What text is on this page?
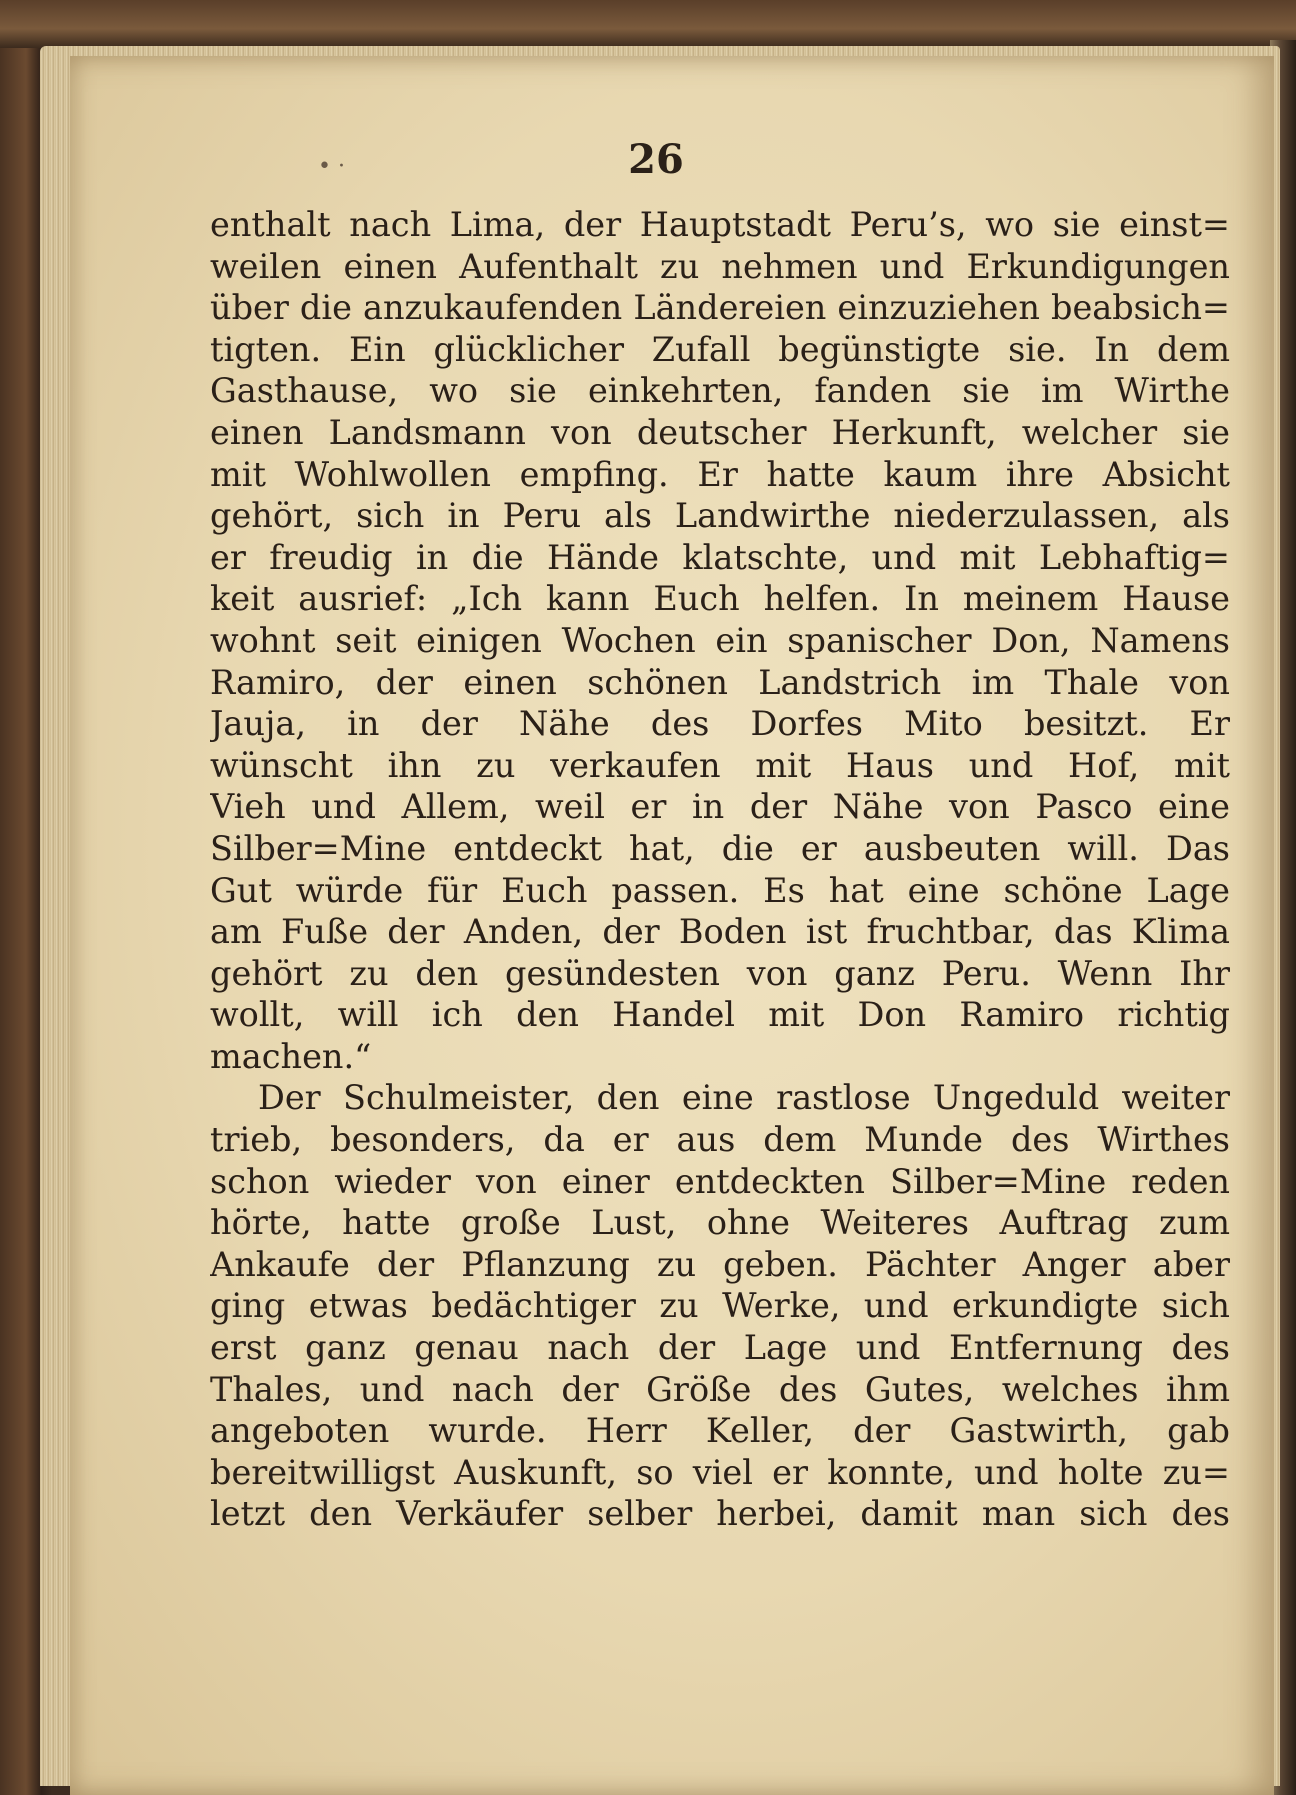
• ·	26
enthalt nach Lima, der Hauptstadt Peru’s, wo sie einst=
weilen einen Aufenthalt zu nehmen und Erkundigungen
über die anzukaufenden Ländereien einzuziehen beabsich=
tigten. Ein glücklicher Zufall begünstigte sie. In dem
Gasthause, wo sie einkehrten, fanden sie im Wirthe
einen Landsmann von deutscher Herkunft, welcher sie
mit Wohlwollen empfing. Er hatte kaum ihre Absicht
gehört, sich in Peru als Landwirthe niederzulassen, als
er freudig in die Hände klatschte, und mit Lebhaftig=
keit ausrief: „Ich kann Euch helfen. In meinem Hause
wohnt seit einigen Wochen ein spanischer Don, Namens
Ramiro, der einen schönen Landstrich im Thale von
Jauja, in der Nähe des Dorfes Mito besitzt. Er
wünscht ihn zu verkaufen mit Haus und Hof, mit
Vieh und Allem, weil er in der Nähe von Pasco eine
Silber=Mine entdeckt hat, die er ausbeuten will. Das
Gut würde für Euch passen. Es hat eine schöne Lage
am Fuße der Anden, der Boden ist fruchtbar, das Klima
gehört zu den gesündesten von ganz Peru. Wenn Ihr
wollt, will ich den Handel mit Don Ramiro richtig
machen.“
Der Schulmeister, den eine rastlose Ungeduld weiter
trieb, besonders, da er aus dem Munde des Wirthes
schon wieder von einer entdeckten Silber=Mine reden
hörte, hatte große Lust, ohne Weiteres Auftrag zum
Ankaufe der Pflanzung zu geben. Pächter Anger aber
ging etwas bedächtiger zu Werke, und erkundigte sich
erst ganz genau nach der Lage und Entfernung des
Thales, und nach der Größe des Gutes, welches ihm
angeboten wurde. Herr Keller, der Gastwirth, gab
bereitwilligst Auskunft, so viel er konnte, und holte zu=
letzt den Verkäufer selber herbei, damit man sich des
